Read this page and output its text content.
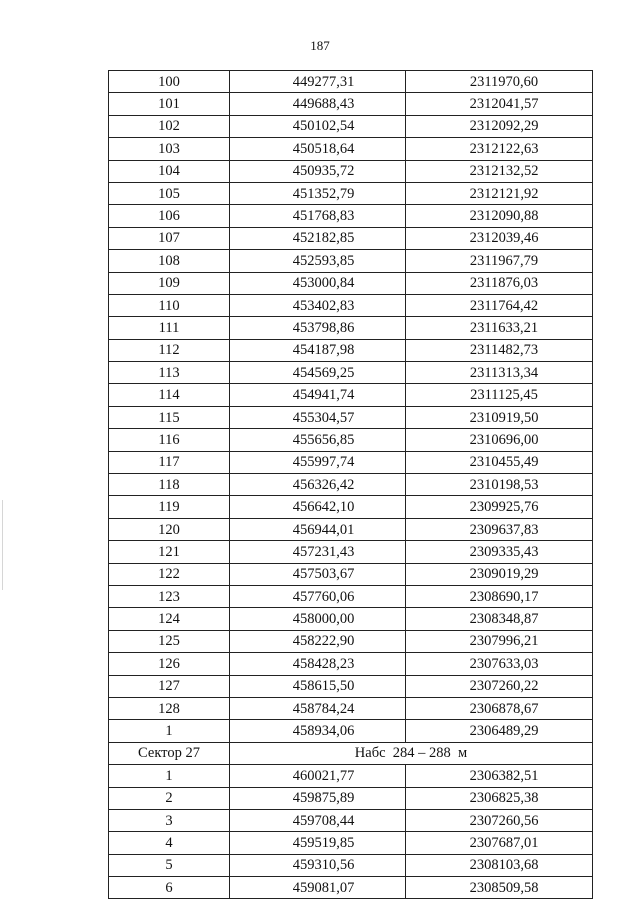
187
100	449277,31	2311970,60
101	449688,43	2312041,57
102	450102,54	2312092,29
103	450518,64	2312122,63
104	450935,72	2312132,52
105	451352,79	2312121,92
106	451768,83	2312090,88
107	452182,85	2312039,46
108	452593,85	2311967,79
109	453000,84	2311876,03
110	453402,83	2311764,42
111	453798,86	2311633,21
112	454187,98	2311482,73
113	454569,25	2311313,34
114	454941,74	2311125,45
115	455304,57	2310919,50
116	455656,85	2310696,00
117	455997,74	2310455,49
118	456326,42	2310198,53
119	456642,10	2309925,76
120	456944,01	2309637,83
121	457231,43	2309335,43
122	457503,67	2309019,29
123	457760,06	2308690,17
124	458000,00	2308348,87
125	458222,90	2307996,21
126	458428,23	2307633,03
127	458615,50	2307260,22
128	458784,24	2306878,67
1	458934,06	2306489,29
Сектор 27	Набс  284 – 288  м	
1	460021,77	2306382,51
2	459875,89	2306825,38
3	459708,44	2307260,56
4	459519,85	2307687,01
5	459310,56	2308103,68
6	459081,07	2308509,58
